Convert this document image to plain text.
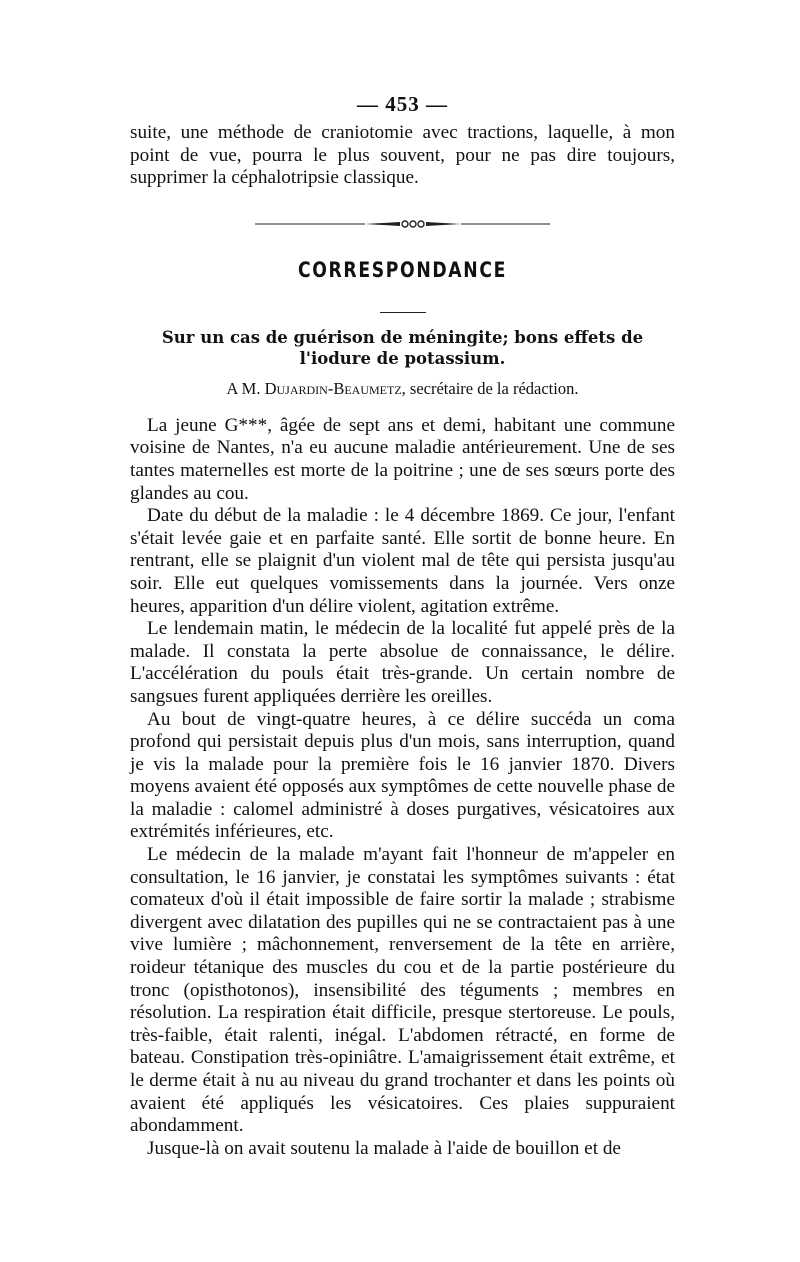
— 453 —

suite, une méthode de craniotomie avec tractions, laquelle, à mon point de vue, pourra le plus souvent, pour ne pas dire toujours, supprimer la céphalotripsie classique.

CORRESPONDANCE
Sur un cas de guérison de méningite; bons effets de l'iodure de potassium.

A M. Dujardin-Beaumetz, secrétaire de la rédaction.

La jeune G***, âgée de sept ans et demi, habitant une commune voisine de Nantes, n'a eu aucune maladie antérieurement. Une de ses tantes maternelles est morte de la poitrine ; une de ses sœurs porte des glandes au cou.

Date du début de la maladie : le 4 décembre 1869. Ce jour, l'enfant s'était levée gaie et en parfaite santé. Elle sortit de bonne heure. En rentrant, elle se plaignit d'un violent mal de tête qui persista jusqu'au soir. Elle eut quelques vomissements dans la journée. Vers onze heures, apparition d'un délire violent, agitation extrême.

Le lendemain matin, le médecin de la localité fut appelé près de la malade. Il constata la perte absolue de connaissance, le délire. L'accélération du pouls était très-grande. Un certain nombre de sangsues furent appliquées derrière les oreilles.

Au bout de vingt-quatre heures, à ce délire succéda un coma profond qui persistait depuis plus d'un mois, sans interruption, quand je vis la malade pour la première fois le 16 janvier 1870. Divers moyens avaient été opposés aux symptômes de cette nouvelle phase de la maladie : calomel administré à doses purgatives, vésicatoires aux extrémités inférieures, etc.

Le médecin de la malade m'ayant fait l'honneur de m'appeler en consultation, le 16 janvier, je constatai les symptômes suivants : état comateux d'où il était impossible de faire sortir la malade ; strabisme divergent avec dilatation des pupilles qui ne se contractaient pas à une vive lumière ; mâchonnement, renversement de la tête en arrière, roideur tétanique des muscles du cou et de la partie postérieure du tronc (opisthotonos), insensibilité des téguments ; membres en résolution. La respiration était difficile, presque stertoreuse. Le pouls, très-faible, était ralenti, inégal. L'abdomen rétracté, en forme de bateau. Constipation très-opiniâtre. L'amaigrissement était extrême, et le derme était à nu au niveau du grand trochanter et dans les points où avaient été appliqués les vésicatoires. Ces plaies suppuraient abondamment.

Jusque-là on avait soutenu la malade à l'aide de bouillon et de
